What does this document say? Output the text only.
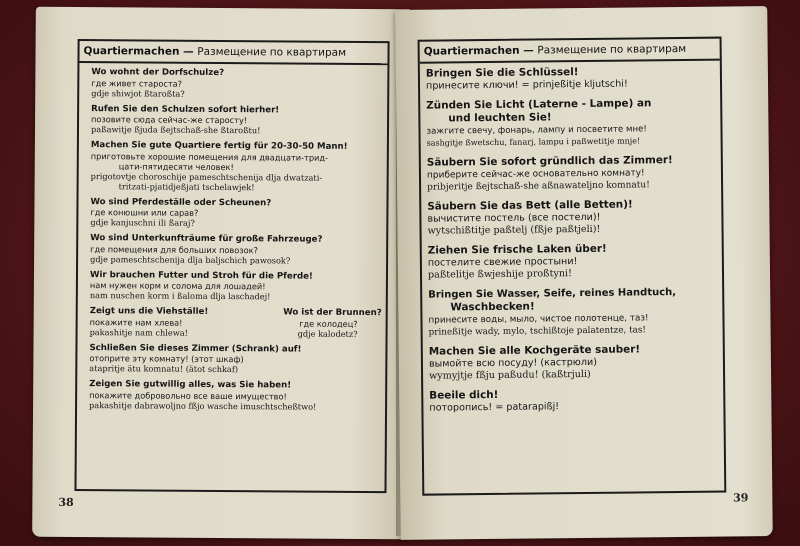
Quartiermachen — Размещение по квартирам
Wo wohnt der Dorfschulze?
где живет староста?
gdje shiwjot ßtaroßta?
Rufen Sie den Schulzen sofort hierher!
позовите сюда сейчас-же старосту!
paßawitje ßjuda ßejtschaß-she ßtaroßtu!
Machen Sie gute Quartiere fertig für 20-30-50 Mann!
приготовьте хорошие помещения для двадцати-трид-
цати-пятидесяти человек!
prigotovtje choroschije pameschtschenija dlja dwatzati-
tritzati-pjatidjeßjati tschelawjek!
Wo sind Pferdeställe oder Scheunen?
где конюшни или сарав?
gdje kanjuschni ili ßaraj?
Wo sind Unterkunfträume für große Fahrzeuge?
где помещения для больших повозок?
gdje pameschtschenija dlja baljschich pawosok?
Wir brauchen Futter und Stroh für die Pferde!
нам нужен корм и солома для лошадей!
nam nuschen korm i ßaloma dlja laschadej!
Zeigt uns die Viehställe!	Wo ist der Brunnen?
покажите нам хлева!	где колодец?
pakashitje nam chlewa!	gdje kalodetz?
Schließen Sie dieses Zimmer (Schrank) auf!
отоприте эту комнату! (этот шкаф)
atapritje ätu komnatu! (ätot schkaf)
Zeigen Sie gutwillig alles, was Sie haben!
покажите добровольно все ваше имущество!
pakashitje dabrawoljno fßjo wasche imuschtscheßtwo!
38
Quartiermachen — Размещение по квартирам
Bringen Sie die Schlüssel!
принесите ключи! = prinjeßitje kljutschi!
Zünden Sie Licht (Laterne - Lampe) an
und leuchten Sie!
зажгите свечу, фонарь, лампу и посветите мне!
sashgitje ßwetschu, fanarj, lampu i paßwetitje mnje!
Säubern Sie sofort gründlich das Zimmer!
приберите сейчас-же основательно комнату!
pribjeritje ßejtschaß-she aßnawateljno komnatu!
Säubern Sie das Bett (alle Betten)!
вычистите постель (все постели)!
wytschißtitje paßtelj (fßje paßtjeli)!
Ziehen Sie frische Laken über!
постелите свежие простыни!
paßtelitje ßwjeshije proßtyni!
Bringen Sie Wasser, Seife, reines Handtuch,
Waschbecken!
принесите воды, мыло, чистое полотенце, таз!
prineßitje wady, mylo, tschißtoje palatentze, tas!
Machen Sie alle Kochgeräte sauber!
вымойте всю посуду! (кастрюли)
wymyjtje fßju paßudu! (kaßtrjuli)
Beeile dich!
потoропись! = patarapißj!
39
